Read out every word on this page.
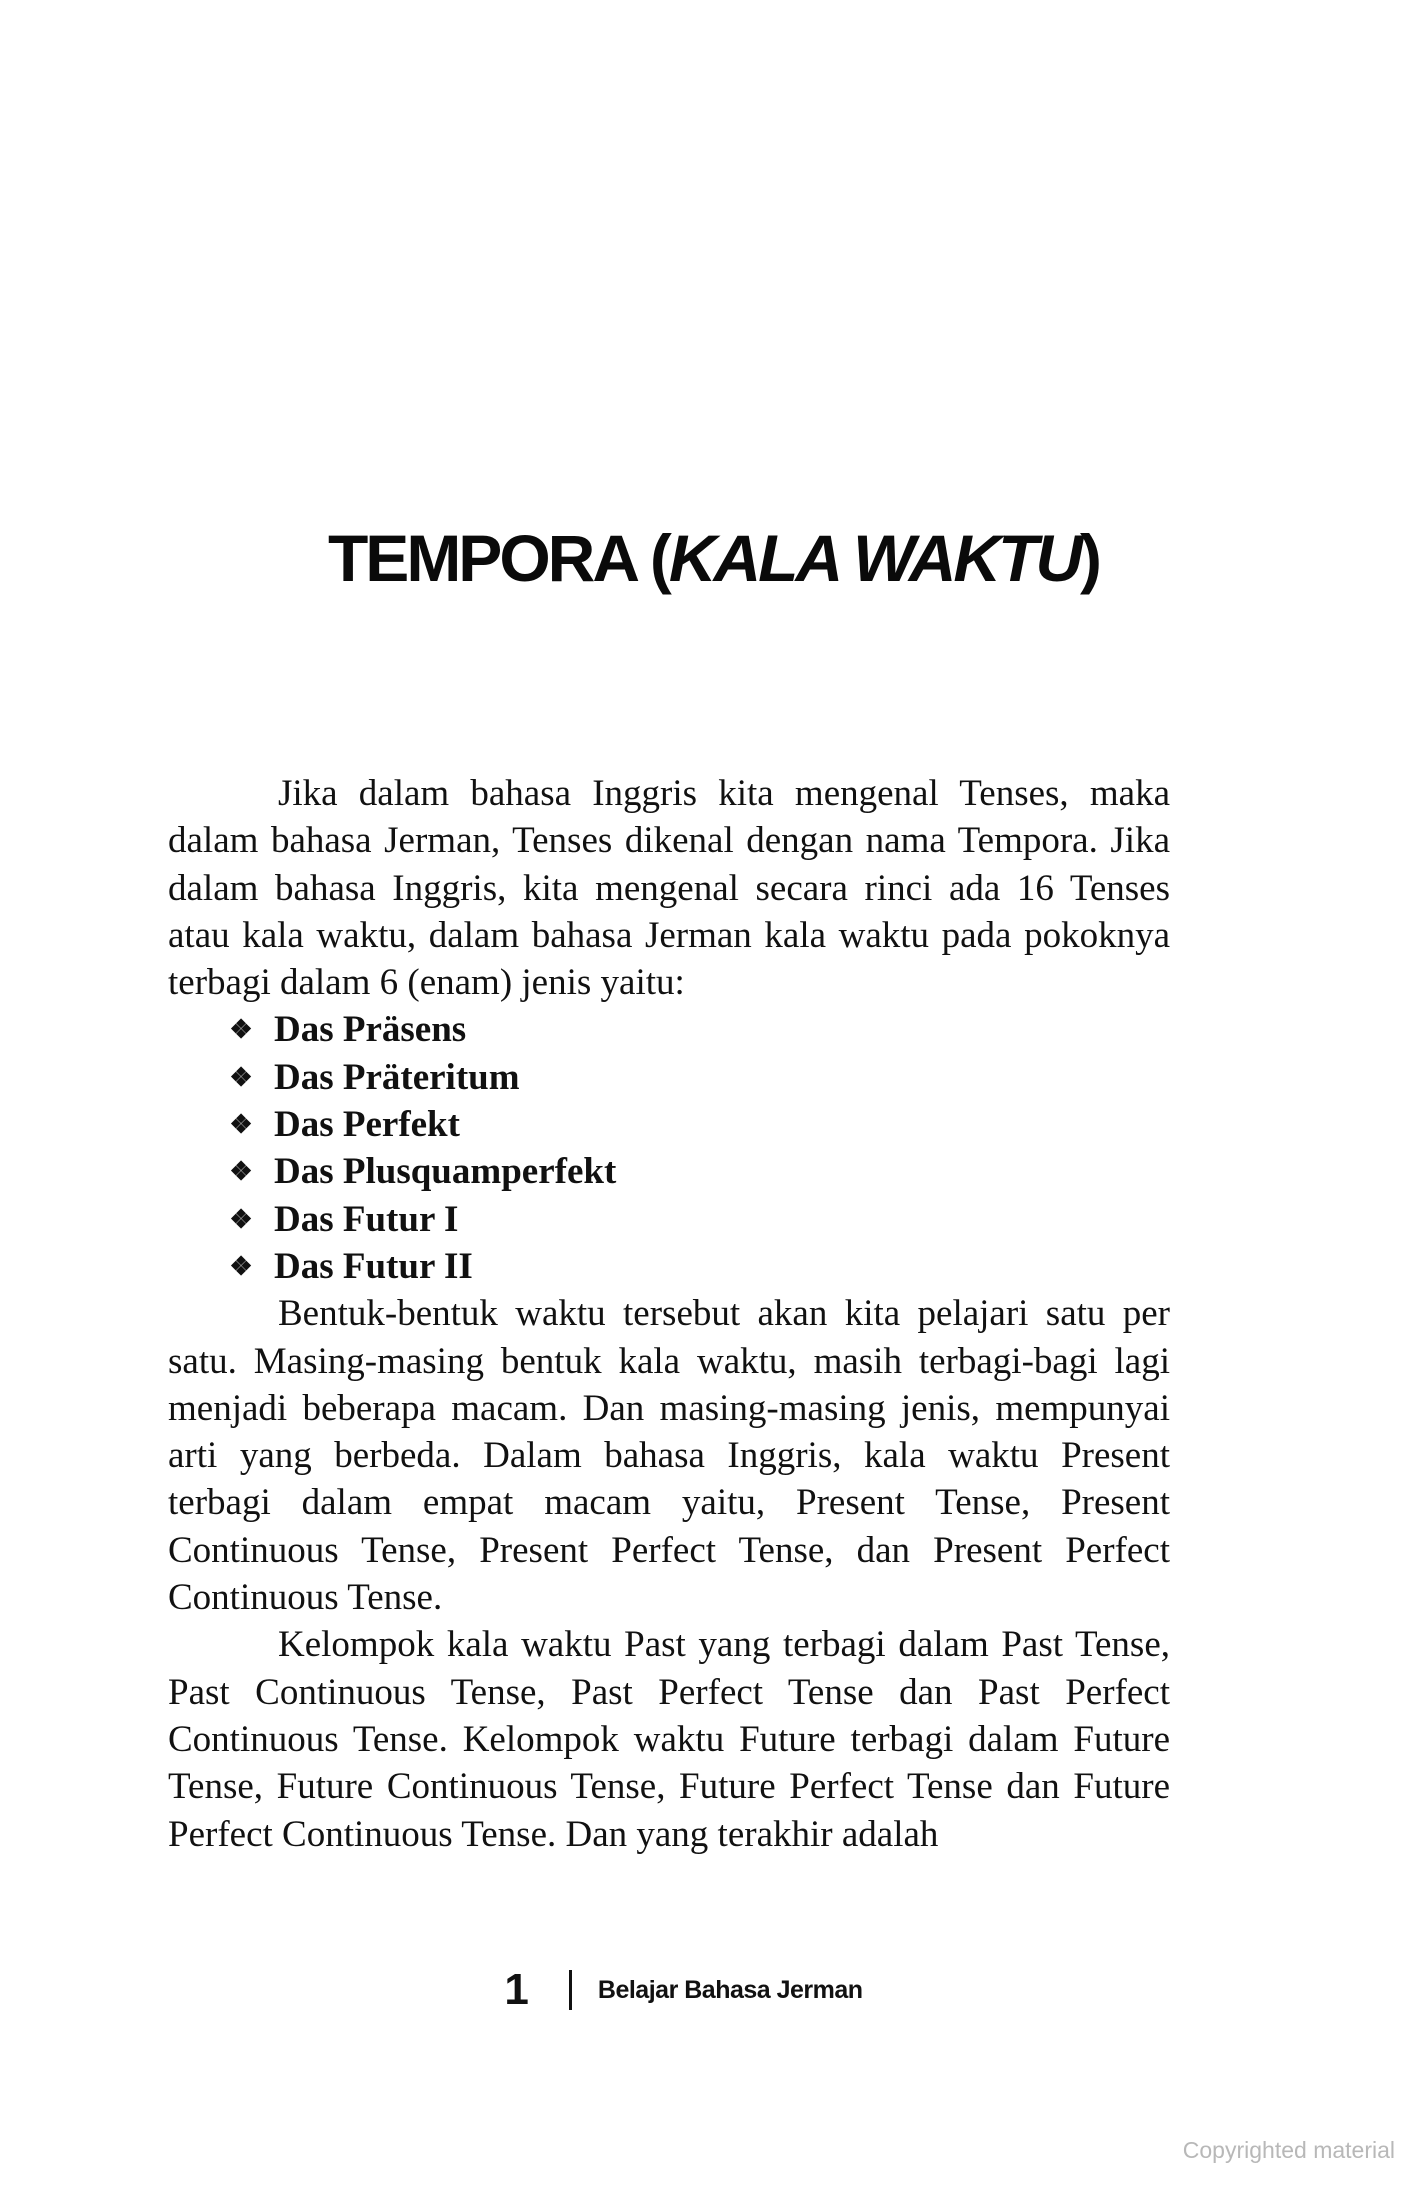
TEMPORA (KALA WAKTU)

Jika dalam bahasa Inggris kita mengenal Tenses, maka dalam bahasa Jerman, Tenses dikenal dengan nama Tempora. Jika dalam bahasa Inggris, kita mengenal secara rinci ada 16 Tenses atau kala waktu, dalam bahasa Jerman kala waktu pada pokoknya terbagi dalam 6 (enam) jenis yaitu:

❖ Das Präsens
❖ Das Präteritum
❖ Das Perfekt
❖ Das Plusquamperfekt
❖ Das Futur I
❖ Das Futur II

Bentuk-bentuk waktu tersebut akan kita pelajari satu per satu. Masing-masing bentuk kala waktu, masih terbagi-bagi lagi menjadi beberapa macam. Dan masing-masing jenis, mempunyai arti yang berbeda. Dalam bahasa Inggris, kala waktu Present terbagi dalam empat macam yaitu, Present Tense, Present Continuous Tense, Present Perfect Tense, dan Present Perfect Continuous Tense.

Kelompok kala waktu Past yang terbagi dalam Past Tense, Past Continuous Tense, Past Perfect Tense dan Past Perfect Continuous Tense. Kelompok waktu Future terbagi dalam Future Tense, Future Continuous Tense, Future Perfect Tense dan Future Perfect Continuous Tense. Dan yang terakhir adalah

1	Belajar Bahasa Jerman
Copyrighted material
